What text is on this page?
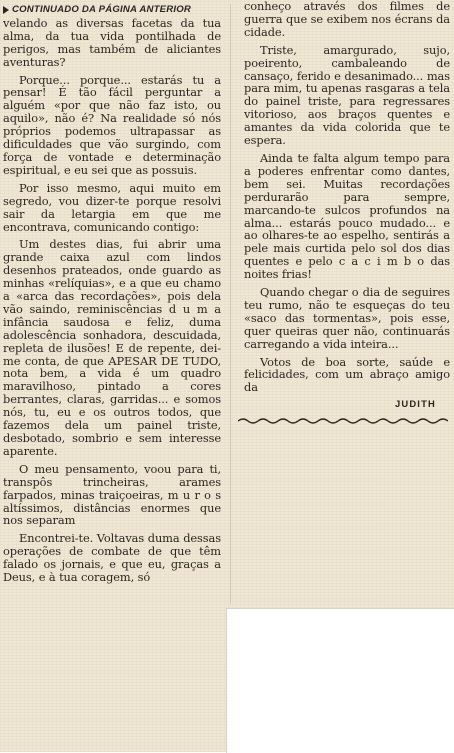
CONTINUADO DA PÁGINA ANTERIOR

velando as diversas facetas da tua alma, da tua vida pontilhada de perigos, mas também de aliciantes aventuras?

Porque... porque... estarás tu a pensar! É tão fácil perguntar a alguém «por que não faz isto, ou aquilo», não é? Na realidade só nós próprios podemos ultrapassar as dificuldades que vão surgindo, com força de vontade e determinação espiritual, e eu sei que as possuis.

Por isso mesmo, aqui muito em segredo, vou dizer-te porque resolvi sair da letargia em que me encontrava, comunicando contigo:

Um destes dias, fui abrir uma grande caixa azul com lindos desenhos prateados, onde guardo as minhas «relíquias», e a que eu chamo a «arca das recordações», pois dela vão saindo, reminiscências d u m a infância saudosa e feliz, duma adolescência sonhadora, descuidada, repleta de ilusões! E de repente, dei-me conta, de que APESAR DE TUDO, nota bem, a vida é um quadro maravilhoso, pintado a cores berrantes, claras, garridas... e somos nós, tu, eu e os outros todos, que fazemos dela um painel triste, desbotado, sombrio e sem interesse aparente.

O meu pensamento, voou para ti, transpôs trincheiras, arames farpados, minas traiçoeiras, m u r o s altíssimos, distâncias enormes que nos separam

Encontrei-te. Voltavas duma dessas operações de combate de que têm falado os jornais, e que eu, graças a Deus, e à tua coragem, só

conheço através dos filmes de guerra que se exibem nos écrans da cidade.

Triste, amargurado, sujo, poeirento, cambaleando de cansaço, ferido e desanimado... mas para mim, tu apenas rasgaras a tela do painel triste, para regressares vitorioso, aos braços quentes e amantes da vida colorida que te espera.

Ainda te falta algum tempo para a poderes enfrentar como dantes, bem sei. Muitas recordações perdurarão para sempre, marcando-te sulcos profundos na alma... estarás pouco mudado... e ao olhares-te ao espelho, sentirás a pele mais curtida pelo sol dos dias quentes e pelo c a c i m b o das noites frias!

Quando chegar o dia de seguires teu rumo, não te esqueças do teu «saco das tormentas», pois esse, quer queiras quer não, continuarás carregando a vida inteira...

Votos de boa sorte, saúde e felicidades, com um abraço amigo da

JUDITH
